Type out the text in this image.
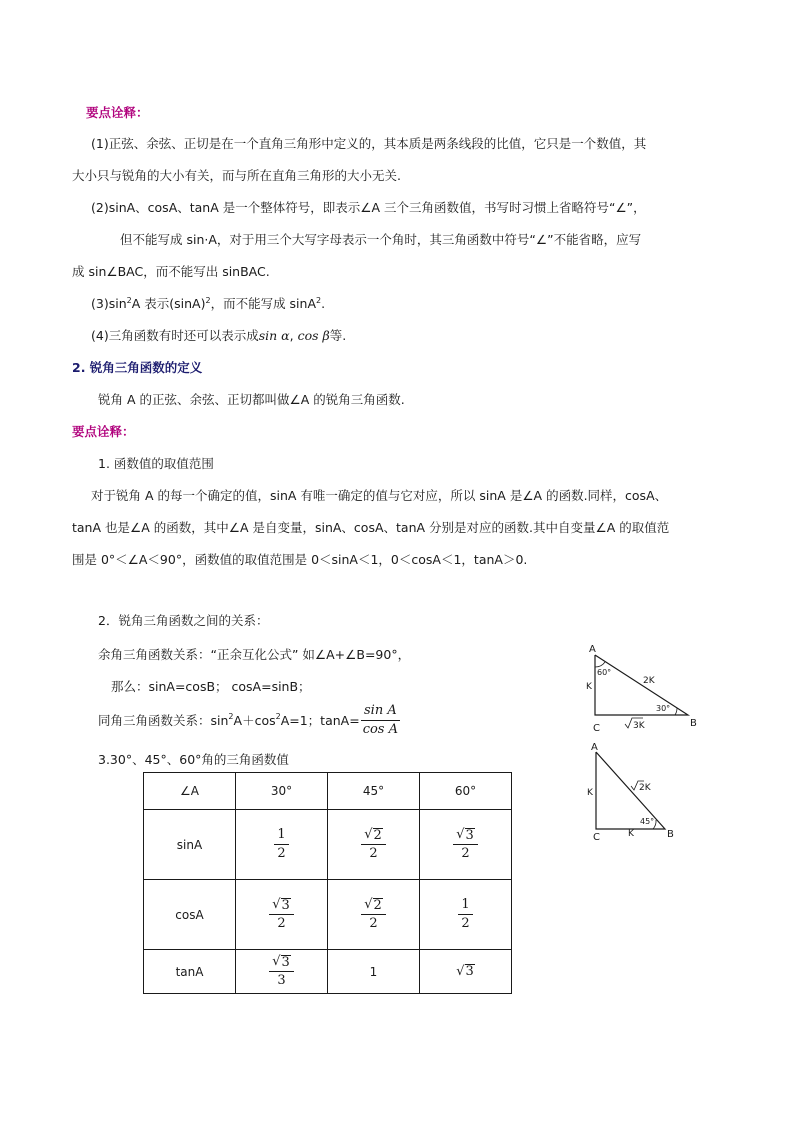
要点诠释：
(1)正弦、余弦、正切是在一个直角三角形中定义的，其本质是两条线段的比值，它只是一个数值，其
大小只与锐角的大小有关，而与所在直角三角形的大小无关.
(2)sinA、cosA、tanA 是一个整体符号，即表示∠A 三个三角函数值，书写时习惯上省略符号“∠”，
但不能写成 sin·A，对于用三个大写字母表示一个角时，其三角函数中符号“∠”不能省略，应写
成 sin∠BAC，而不能写出 sinBAC.
$(3)\sin^2A$ 表示$(\sin A)^2$，而不能写成 sinA$^2$.
(4)三角函数有时还可以表示成sin α, cos β等.
2. 锐角三角函数的定义
锐角 A 的正弦、余弦、正切都叫做∠A 的锐角三角函数.
要点诠释：
1. 函数值的取值范围
对于锐角 A 的每一个确定的值，sinA 有唯一确定的值与它对应，所以 sinA 是∠A 的函数.同样，cosA、
tanA 也是∠A 的函数，其中∠A 是自变量，sinA、cosA、tanA 分别是对应的函数.其中自变量∠A 的取值范
围是 0°＜∠A＜90°，函数值的取值范围是 0＜sinA＜1，0＜cosA＜1，tanA＞0.
2．锐角三角函数之间的关系：
余角三角函数关系：“正余互化公式” 如∠A+∠B=90°，
那么：sinA=cosB； cosA=sinB；
同角三角函数关系：$\sin^2 A+\cos^2$ A=1；$\tan A= \frac{\text{sin A}}{\text{cos A}}$
3.30°、45°、60°角的三角函数值
∠A	30°	45°	60°
sinA	$\frac{1}{2}$	$\frac{√ 2}{2}$	$\frac{√ 3}{2}$

cosA	$\frac{√ 3}{2}$	$\frac{√ 2}{2}$	$\frac{1}{2}$

tanA	$\frac{√ 3}{3}$	1	√ 3
A
C	B
60°
30°
K
2K
3K
A
C	B
45°
K	2K
K
